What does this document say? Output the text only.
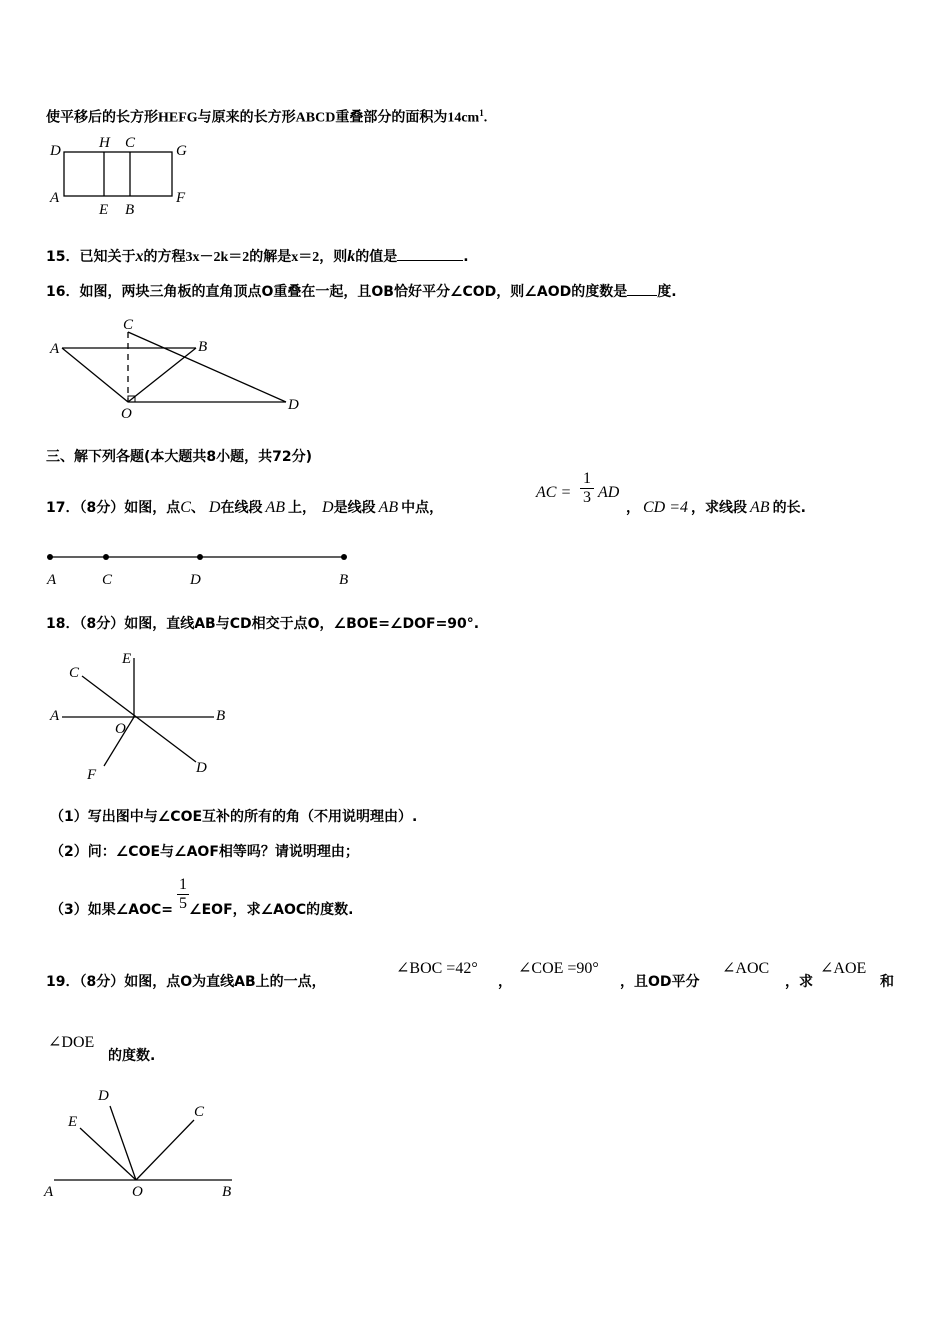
使平移后的长方形HEFG与原来的长方形ABCD重叠部分的面积为$14cm^1$.
D	H C	G
A
E B
F
15．已知关于x的方程3x－2k＝2的解是x＝2，则k的值是	.
16．如图，两块三角板的直角顶点O重叠在一起，且OB恰好平分∠COD，则∠AOD的度数是 度.
A	B
C
O
D
三、解下列各题(本大题共8小题，共72分)
17．（8分）如图，点C、 D在线段 AB 上， D是线段 AB 中点，
AC = $\frac{1}{3}$ AD
， CD =4 ，求线段 AB 的长.
A	C	D	B
18．（8分）如图，直线AB与CD相交于点O，∠BOE=∠DOF=90°.
C
E
A
O
B
F	D
（1）写出图中与∠COE互补的所有的角（不用说明理由）.
（2）问：∠COE与∠AOF相等吗？请说明理由；
（3）如果∠AOC= ∠EOF，求∠AOC的度数.
$\frac{1}{5}$
19．（8分）如图，点O为直线AB上的一点，
∠BOC =42°
，
∠COE =90°
，且OD平分
∠AOC
，求
∠AOE
和
∠DOE
的度数.
D
E
C
A	O	B
